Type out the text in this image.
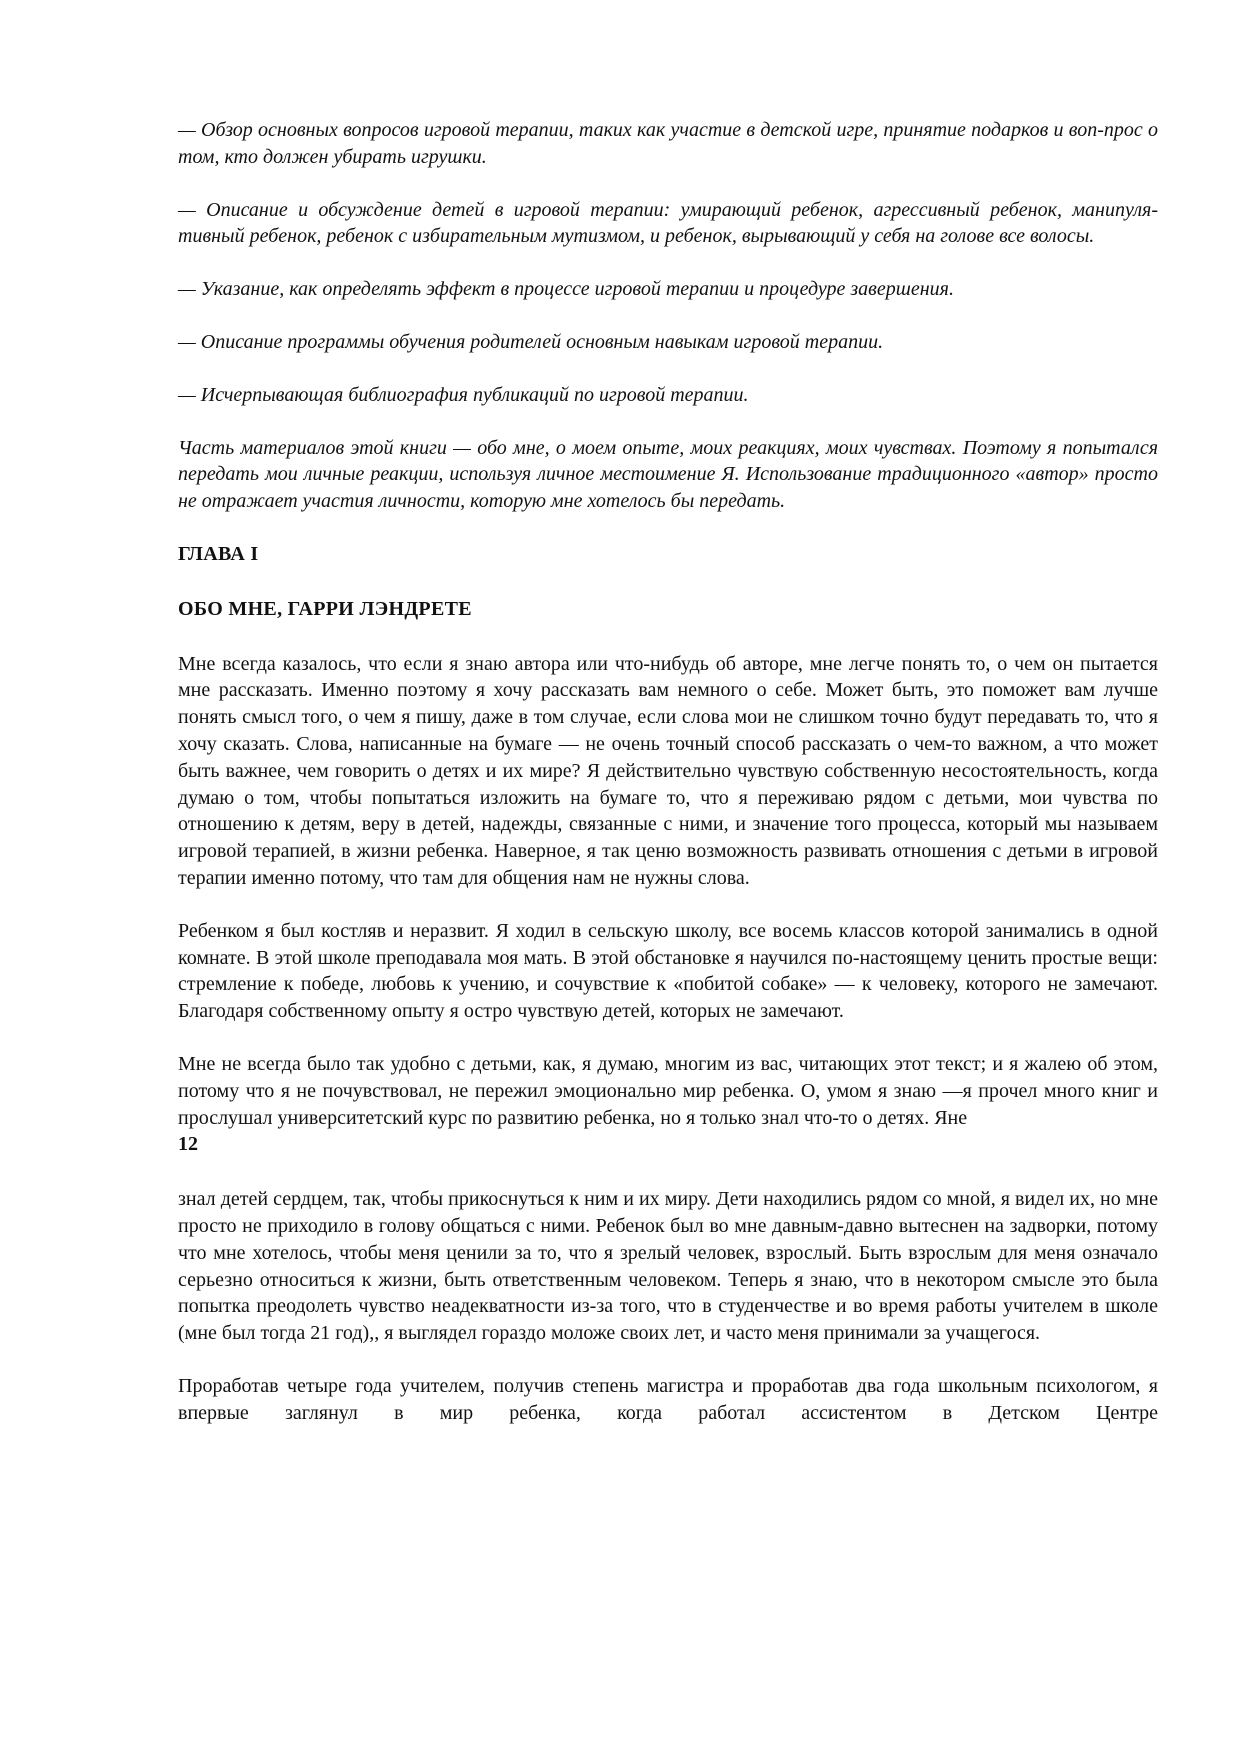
— Обзор основных вопросов игровой терапии, таких как участие в детской игре, принятие подарков и воп-прос о том, кто должен убирать игрушки.

— Описание и обсуждение детей в игровой терапии: умирающий ребенок, агрессивный ребенок, манипуля-тивный ребенок, ребенок с избирательным мутизмом, и ребенок, вырывающий у себя на голове все волосы.

— Указание, как определять эффект в процессе игровой терапии и процедуре завершения.

— Описание программы обучения родителей основным навыкам игровой терапии.

— Исчерпывающая библиография публикаций по игровой терапии.

Часть материалов этой книги — обо мне, о моем опыте, моих реакциях, моих чувствах. Поэтому я попытался передать мои личные реакции, используя личное местоимение Я. Использование традиционного «автор» просто не отражает участия личности, которую мне хотелось бы передать.

ГЛАВА I
ОБО МНЕ, ГАРРИ ЛЭНДРЕТЕ

Мне всегда казалось, что если я знаю автора или что-нибудь об авторе, мне легче понять то, о чем он пытается мне рассказать. Именно поэтому я хочу рассказать вам немного о себе. Может быть, это поможет вам лучше понять смысл того, о чем я пишу, даже в том случае, если слова мои не слишком точно будут передавать то, что я хочу сказать. Слова, написанные на бумаге — не очень точный способ рассказать о чем-то важном, а что может быть важнее, чем говорить о детях и их мире? Я действительно чувствую собственную несостоятельность, когда думаю о том, чтобы попытаться изложить на бумаге то, что я переживаю рядом с детьми, мои чувства по отношению к детям, веру в детей, надежды, связанные с ними, и значение того процесса, который мы называем игровой терапией, в жизни ребенка. Наверное, я так ценю возможность развивать отношения с детьми в игровой терапии именно потому, что там для общения нам не нужны слова.

Ребенком я был костляв и неразвит. Я ходил в сельскую школу, все восемь классов которой занимались в одной комнате. В этой школе преподавала моя мать. В этой обстановке я научился по-настоящему ценить простые вещи: стремление к победе, любовь к учению, и сочувствие к «побитой собаке» — к человеку, которого не замечают. Благодаря собственному опыту я остро чувствую детей, которых не замечают.

Мне не всегда было так удобно с детьми, как, я думаю, многим из вас, читающих этот текст; и я жалею об этом, потому что я не почувствовал, не пережил эмоционально мир ребенка. О, умом я знаю —я прочел много книг и прослушал университетский курс по развитию ребенка, но я только знал что-то о детях. Яне

12

знал детей сердцем, так, чтобы прикоснуться к ним и их миру. Дети находились рядом со мной, я видел их, но мне просто не приходило в голову общаться с ними. Ребенок был во мне давным-давно вытеснен на задворки, потому что мне хотелось, чтобы меня ценили за то, что я зрелый человек, взрослый. Быть взрослым для меня означало серьезно относиться к жизни, быть ответственным человеком. Теперь я знаю, что в некотором смысле это была попытка преодолеть чувство неадекватности из-за того, что в студенчестве и во время работы учителем в школе (мне был тогда 21 год),, я выглядел гораздо моложе своих лет, и часто меня принимали за учащегося.

Проработав четыре года учителем, получив степень магистра и проработав два года школьным психологом, я впервые заглянул в мир ребенка, когда работал ассистентом в Детском Центре
